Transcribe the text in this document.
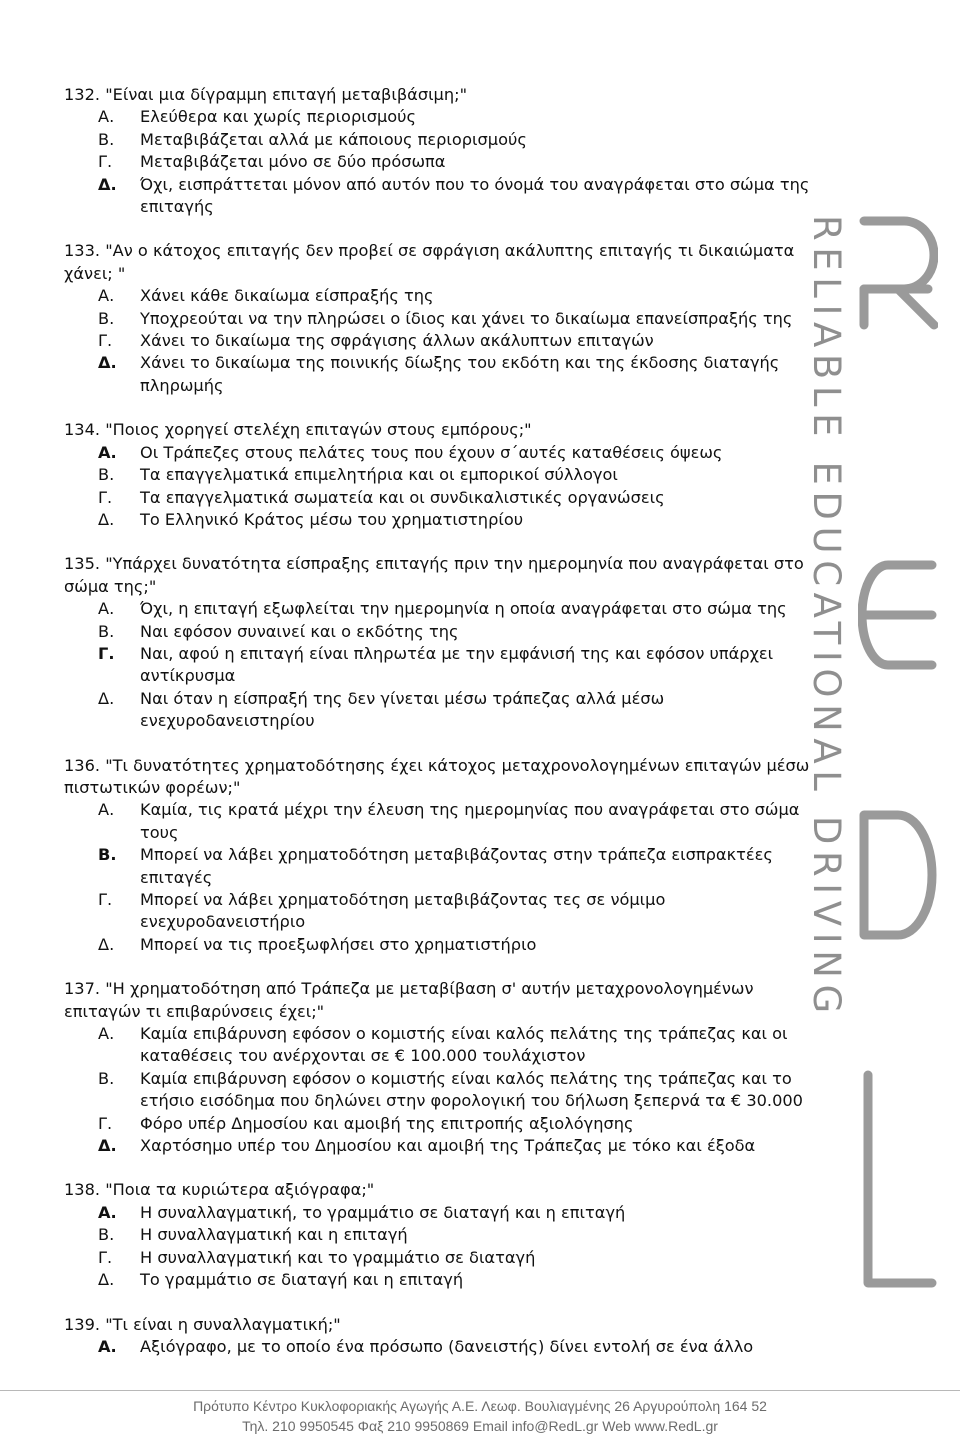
132. "Είναι μια δίγραμμη επιταγή μεταβιβάσιμη;"
Α.	Ελεύθερα και χωρίς περιορισμούς
Β.	Μεταβιβάζεται αλλά με κάποιους περιορισμούς
Γ.	Μεταβιβάζεται μόνο σε δύο πρόσωπα
Δ.	Όχι, εισπράττεται μόνον από αυτόν που το όνομά του αναγράφεται στο σώμα της επιταγής
133. "Αν ο κάτοχος επιταγής δεν προβεί σε σφράγιση ακάλυπτης επιταγής τι δικαιώματα χάνει; "
Α.	Χάνει κάθε δικαίωμα είσπραξής της
Β.	Υποχρεούται να την πληρώσει ο ίδιος και χάνει το δικαίωμα επανείσπραξής της
Γ.	Χάνει το δικαίωμα της σφράγισης άλλων ακάλυπτων επιταγών
Δ.	Χάνει το δικαίωμα της ποινικής δίωξης του εκδότη και της έκδοσης διαταγής πληρωμής
134. "Ποιος χορηγεί στελέχη επιταγών στους εμπόρους;"
Α.	Οι Τράπεζες στους πελάτες τους που έχουν σ΄αυτές καταθέσεις όψεως
Β.	Τα επαγγελματικά επιμελητήρια και οι εμπορικοί σύλλογοι
Γ.	Τα επαγγελματικά σωματεία και οι συνδικαλιστικές οργανώσεις
Δ.	Το Ελληνικό Κράτος μέσω του χρηματιστηρίου
135. "Υπάρχει δυνατότητα είσπραξης επιταγής πριν την ημερομηνία που αναγράφεται στο σώμα της;"
Α.	Όχι, η επιταγή εξωφλείται την ημερομηνία η οποία αναγράφεται στο σώμα της
Β.	Ναι εφόσον συναινεί και ο εκδότης της
Γ.	Ναι, αφού η επιταγή είναι πληρωτέα με την εμφάνισή της και εφόσον υπάρχει αντίκρυσμα
Δ.	Ναι όταν η είσπραξή της δεν γίνεται μέσω τράπεζας αλλά μέσω ενεχυροδανειστηρίου
136. "Τι δυνατότητες χρηματοδότησης έχει κάτοχος μεταχρονολογημένων επιταγών μέσω πιστωτικών φορέων;"
Α.	Καμία, τις κρατά μέχρι την έλευση της ημερομηνίας που αναγράφεται στο σώμα τους
Β.	Μπορεί να λάβει χρηματοδότηση μεταβιβάζοντας στην τράπεζα εισπρακτέες επιταγές
Γ.	Μπορεί να λάβει χρηματοδότηση μεταβιβάζοντας τες σε νόμιμο ενεχυροδανειστήριο
Δ.	Μπορεί να τις προεξωφλήσει στο χρηματιστήριο
137. "Η χρηματοδότηση από Τράπεζα με μεταβίβαση σ' αυτήν μεταχρονολογημένων επιταγών τι επιβαρύνσεις έχει;"
Α.	Καμία επιβάρυνση εφόσον ο κομιστής είναι καλός πελάτης της τράπεζας και οι καταθέσεις του ανέρχονται σε € 100.000 τουλάχιστον
Β.	Καμία επιβάρυνση εφόσον ο κομιστής είναι καλός πελάτης της τράπεζας και το ετήσιο εισόδημα που δηλώνει στην φορολογική του δήλωση ξεπερνά τα € 30.000
Γ.	Φόρο υπέρ Δημοσίου και αμοιβή της επιτροπής αξιολόγησης
Δ.	Χαρτόσημο υπέρ του Δημοσίου και αμοιβή της Τράπεζας με τόκο και έξοδα
138. "Ποια τα κυριώτερα αξιόγραφα;"
Α.	Η συναλλαγματική, το γραμμάτιο σε διαταγή και η επιταγή
Β.	Η συναλλαγματική και η επιταγή
Γ.	Η συναλλαγματική και το γραμμάτιο σε διαταγή
Δ.	Το γραμμάτιο σε διαταγή και η επιταγή
139. "Τι είναι η συναλλαγματική;"
Α.	Αξιόγραφο, με το οποίο ένα πρόσωπο (δανειστής) δίνει εντολή σε ένα άλλο
RELIABLE EDUCATIONAL DRIVING
Πρότυπο Κέντρο Κυκλοφοριακής Αγωγής Α.Ε. Λεωφ. Βουλιαγμένης 26 Αργυρούπολη 164 52
Τηλ. 210 9950545 Φαξ 210 9950869 Email info@RedL.gr Web www.RedL.gr
